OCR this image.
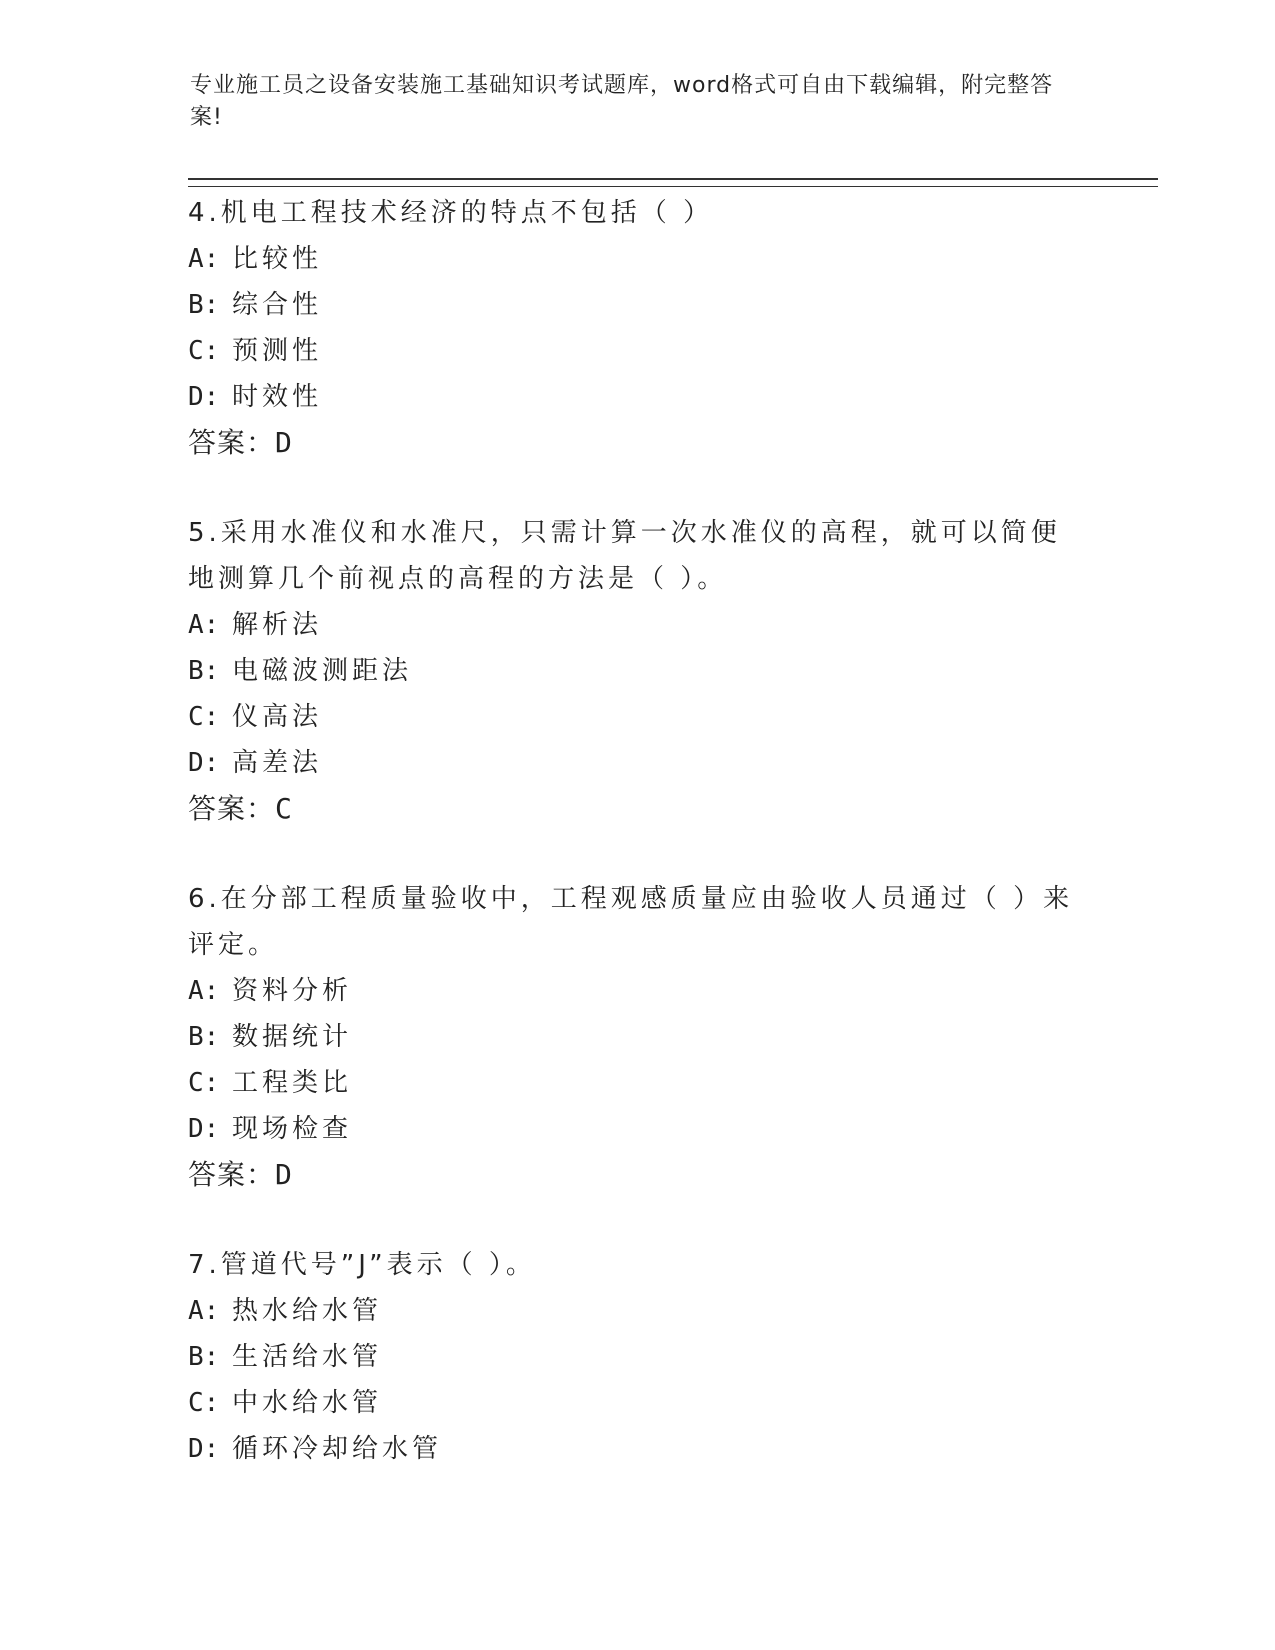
专业施工员之设备安装施工基础知识考试题库，word格式可自由下载编辑，附完整答案!
4.机电工程技术经济的特点不包括（ ）
A: 比较性
B: 综合性
C: 预测性
D: 时效性
答案：D
5.采用水准仪和水准尺，只需计算一次水准仪的高程，就可以简便地测算几个前视点的高程的方法是（ ）。
A: 解析法
B: 电磁波测距法
C: 仪高法
D: 高差法
答案：C
6.在分部工程质量验收中，工程观感质量应由验收人员通过（ ）来评定。
A: 资料分析
B: 数据统计
C: 工程类比
D: 现场检查
答案：D
7.管道代号”J”表示（ ）。
A: 热水给水管
B: 生活给水管
C: 中水给水管
D: 循环冷却给水管
